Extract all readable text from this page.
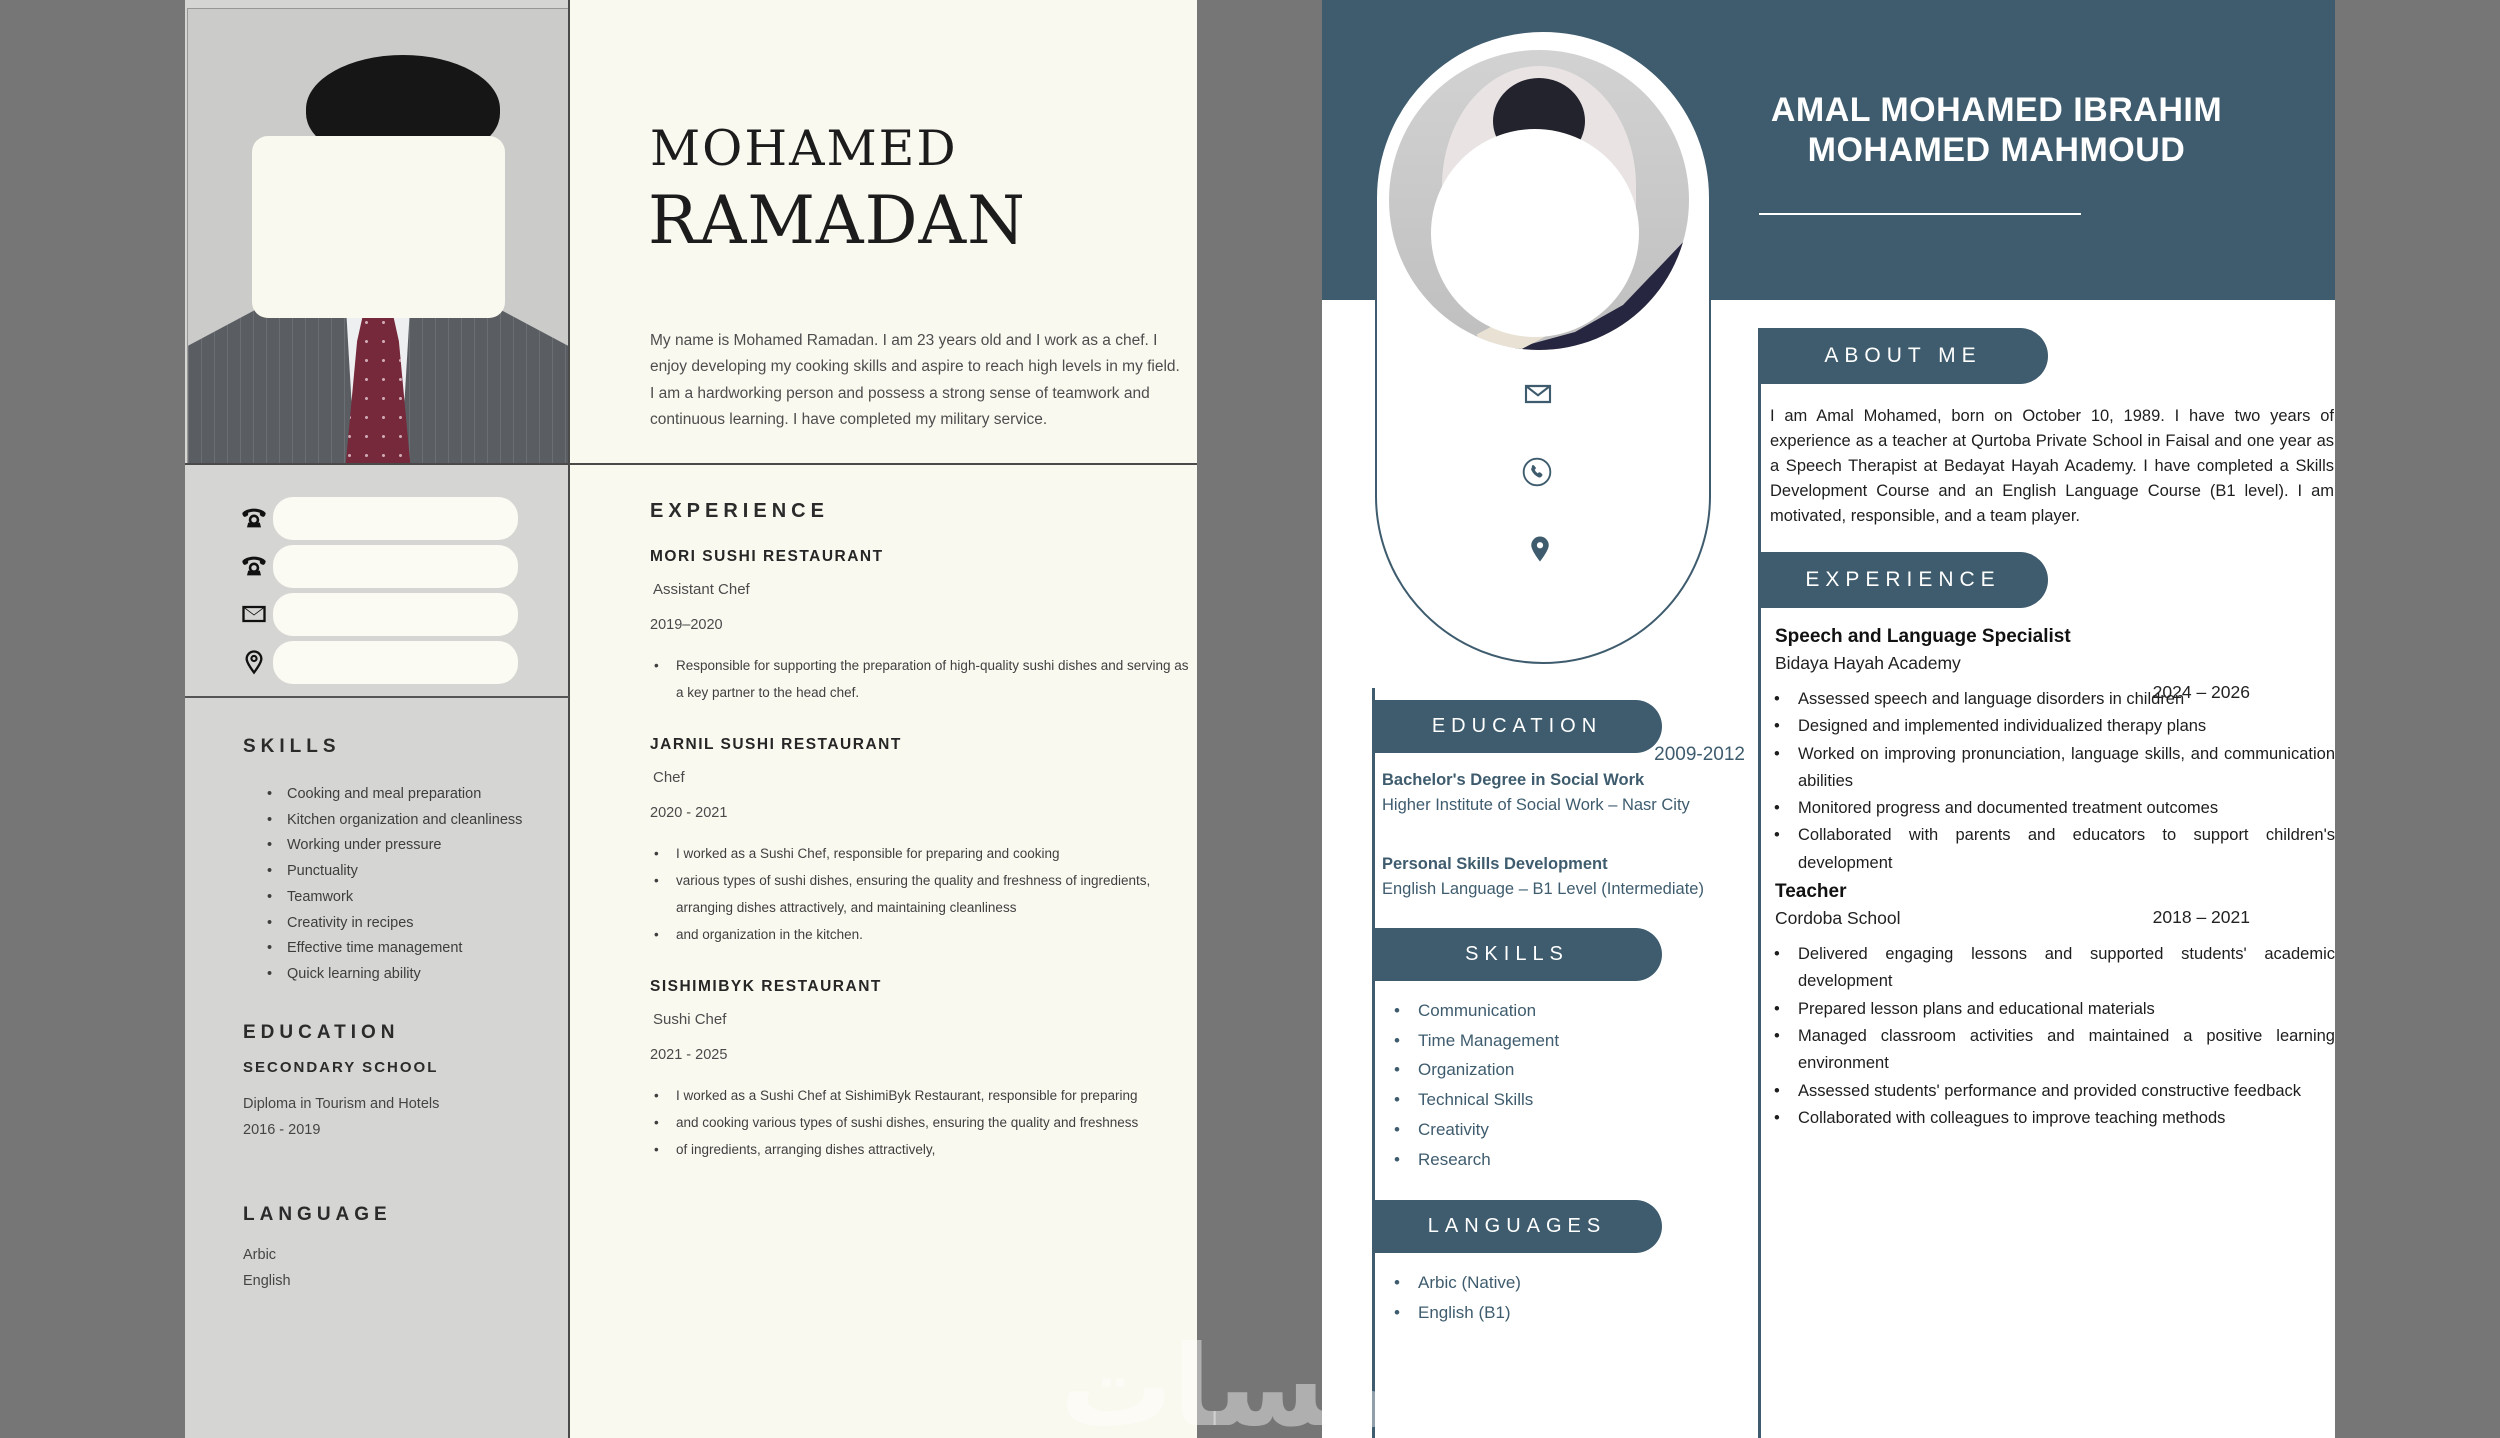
SKILLS
•	Cooking and meal preparation
•	Kitchen organization and cleanliness
•	Working under pressure
•	Punctuality
•	Teamwork
•	Creativity in recipes
•	Effective time management
•	Quick learning ability
EDUCATION
SECONDARY SCHOOL
Diploma in Tourism and Hotels
2016 - 2019
LANGUAGE
Arbic
English
MOHAMED
RAMADAN
My name is Mohamed Ramadan. I am 23 years old and I work as a chef. I enjoy developing my cooking skills and aspire to reach high levels in my field. I am a hardworking person and possess a strong sense of teamwork and continuous learning. I have completed my military service.
EXPERIENCE
MORI SUSHI RESTAURANT
Assistant Chef
2019–2020
•	Responsible for supporting the preparation of high-quality sushi dishes and serving as a key partner to the head chef.
JARNIL SUSHI RESTAURANT
Chef
2020 - 2021
•	I worked as a Sushi Chef, responsible for preparing and cooking
•	various types of sushi dishes, ensuring the quality and freshness of ingredients, arranging dishes attractively, and maintaining cleanliness
•	and organization in the kitchen.
SISHIMIBYK RESTAURANT
Sushi Chef
2021 - 2025
•	I worked as a Sushi Chef at SishimiByk Restaurant, responsible for preparing
•	and cooking various types of sushi dishes, ensuring the quality and freshness
•	of ingredients, arranging dishes attractively,
AMAL MOHAMED IBRAHIM
MOHAMED MAHMOUD
EDUCATION
2009-2012
Bachelor's Degree in Social Work
Higher Institute of Social Work – Nasr City
Personal Skills Development
English Language – B1 Level (Intermediate)
SKILLS
•	Communication
•	Time Management
•	Organization
•	Technical Skills
•	Creativity
•	Research
LANGUAGES
•	Arbic (Native)
•	English (B1)
ABOUT ME
I am Amal Mohamed, born on October 10, 1989. I have two years of experience as a teacher at Qurtoba Private School in Faisal and one year as a Speech Therapist at Bedayat Hayah Academy. I have completed a Skills Development Course and an English Language Course (B1 level). I am motivated, responsible, and a team player.
EXPERIENCE
Speech and Language Specialist
Bidaya Hayah Academy
2024 – 2026
•	Assessed speech and language disorders in children
•	Designed and implemented individualized therapy plans
•	Worked on improving pronunciation, language skills, and communication abilities
•	Monitored progress and documented treatment outcomes
•	Collaborated with parents and educators to support children's development
Teacher
Cordoba School	2018 – 2021
•	Delivered engaging lessons and supported students' academic development
•	Prepared lesson plans and educational materials
•	Managed classroom activities and maintained a positive learning environment
•	Assessed students' performance and provided constructive feedback
•	Collaborated with colleagues to improve teaching methods
خمسات
